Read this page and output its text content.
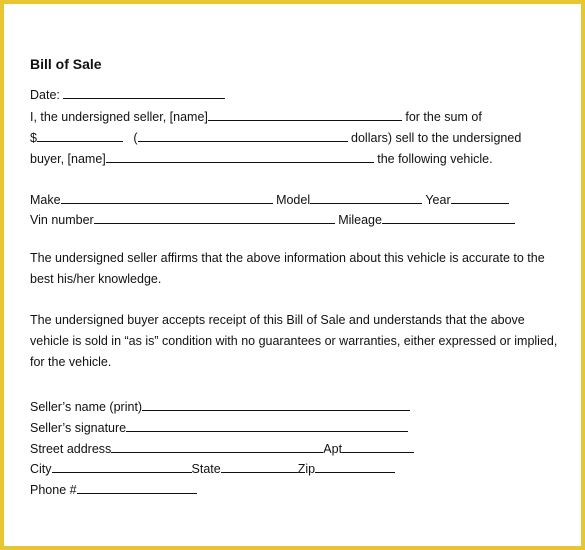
Bill of Sale
Date:
I, the undersigned seller, [name]	for the sum of
$	(	dollars) sell to the undersigned
buyer, [name]	the following vehicle.
Make	Model	Year
Vin number	Mileage
The undersigned seller affirms that the above information about this vehicle is accurate to the best his/her knowledge.
The undersigned buyer accepts receipt of this Bill of Sale and understands that the above vehicle is sold in “as is” condition with no guarantees or warranties, either expressed or implied, for the vehicle.
Seller’s name (print)
Seller’s signature
Street address	Apt
City	State	Zip
Phone #
